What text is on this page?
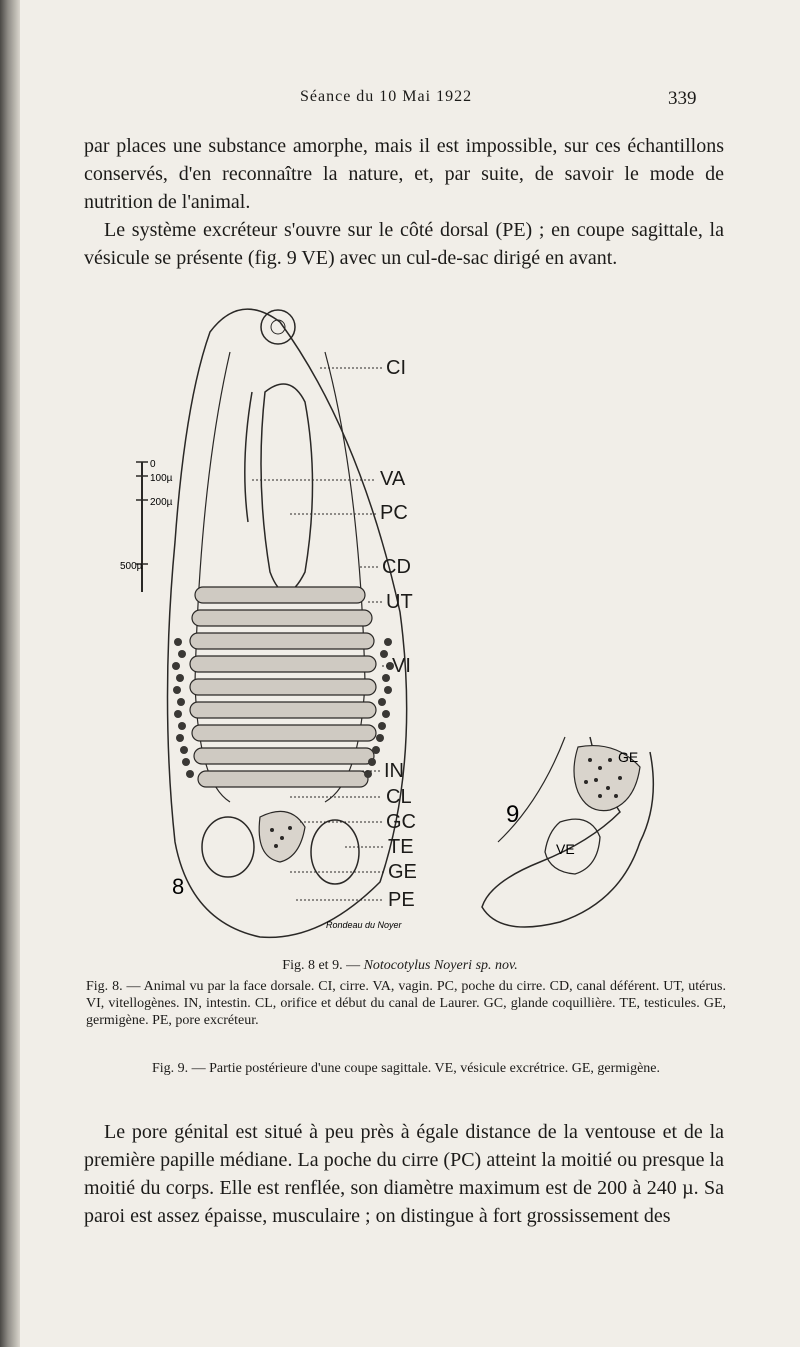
Séance du 10 Mai 1922	339

par places une substance amorphe, mais il est impossible, sur ces échantillons conservés, d'en reconnaître la nature, et, par suite, de savoir le mode de nutrition de l'animal.

Le système excréteur s'ouvre sur le côté dorsal (PE) ; en coupe sagittale, la vésicule se présente (fig. 9 VE) avec un cul-de-sac dirigé en avant.

0
100µ
200µ
500µ
CI
VA
PC
CD
UT
VI
IN
CL
GC
TE
GE
PE
8
Rondeau du Noyer
GE
VE
9
Fig. 8 et 9. — Notocotylus Noyeri sp. nov.
Fig. 8. — Animal vu par la face dorsale. CI, cirre. VA, vagin. PC, poche du cirre. CD, canal déférent. UT, utérus. VI, vitellogènes. IN, intestin. CL, orifice et début du canal de Laurer. GC, glande coquillière. TE, testicules. GE, germigène. PE, pore excréteur.
Fig. 9. — Partie postérieure d'une coupe sagittale. VE, vésicule excrétrice. GE, germigène.

Le pore génital est situé à peu près à égale distance de la ventouse et de la première papille médiane. La poche du cirre (PC) atteint la moitié ou presque la moitié du corps. Elle est renflée, son diamètre maximum est de 200 à 240 µ. Sa paroi est assez épaisse, musculaire ; on distingue à fort grossissement des
